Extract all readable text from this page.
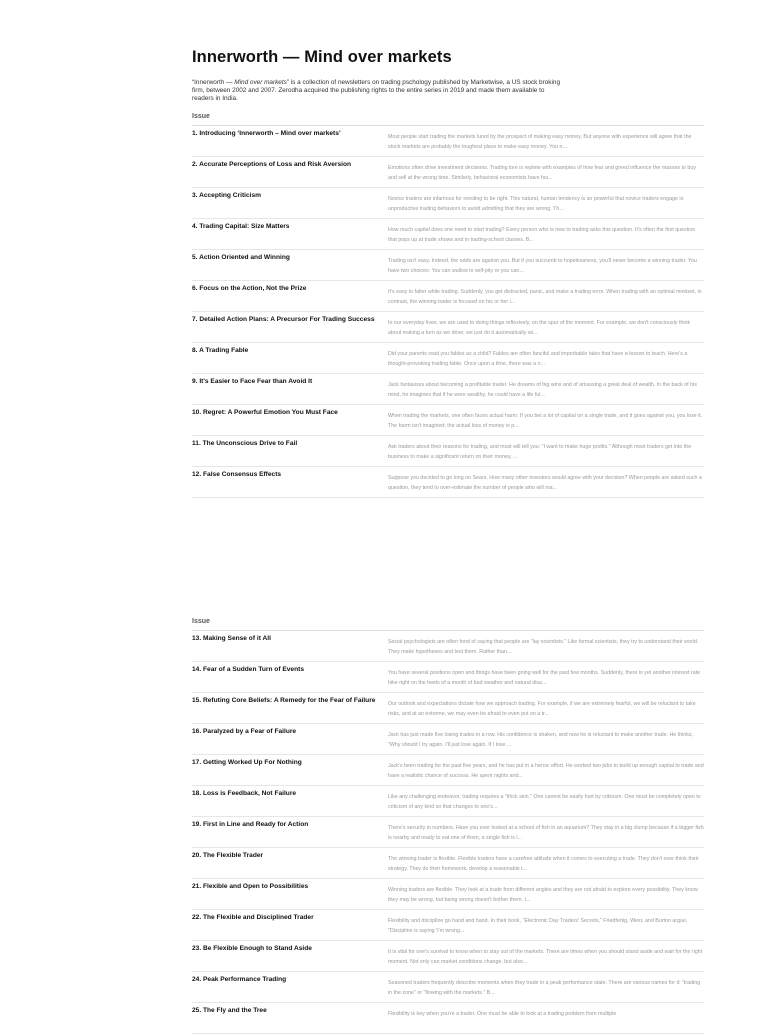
Innerworth — Mind over markets

“Innerworth — Mind over markets” is a collection of newsletters on trading pschology published by Marketwise, a US stock broking firm, between 2002 and 2007. Zerodha acquired the publishing rights to the entire series in 2019 and made them available to readers in India.

Issue
1. Introducing ‘Innerworth – Mind over markets’	Most people start trading the markets lured by the prospect of making easy money. But anyone with experience will agree that the stock markets are probably the toughest place to make easy money. You n...
2. Accurate Perceptions of Loss and Risk Aversion	Emotions often drive investment decisions. Trading lore is replete with examples of how fear and greed influence the masses to buy and sell at the wrong time. Similarly, behavioral economists have fou...
3. Accepting Criticism	Novice traders are infamous for needing to be right. This natural, human tendency is so powerful that novice traders engage in unproductive trading behaviors to avoid admitting that they are wrong. Th...
4. Trading Capital: Size Matters	How much capital does one need to start trading? Every person who is new to trading asks this question. It's often the first question that pops up at trade shows and in trading-school classes. B...
5. Action Oriented and Winning	Trading isn't easy. Indeed, the odds are against you. But if you succumb to hopelessness, you'll never become a winning trader. You have two choices: You can wallow in self-pity or you can...
6. Focus on the Action, Not the Prize	It's easy to falter while trading. Suddenly, you get distracted, panic, and make a trading error. When trading with an optimal mindset, in contrast, the winning trader is focused on his or her i...
7. Detailed Action Plans: A Precursor For Trading Success	In our everyday lives, we are used to doing things reflexively, on the spur of the moment. For example, we don't consciously think about making a turn as we drive; we just do it automatically wi...
8. A Trading Fable	Did your parents read you fables as a child? Fables are often fanciful and improbable tales that have a lesson to teach. Here's a thought-provoking trading fable. Once upon a time, there was a n...
9. It's Easier to Face Fear than Avoid It	Jack fantasizes about becoming a profitable trader. He dreams of big wins and of amassing a great deal of wealth. In the back of his mind, he imagines that if he were wealthy, he could have a life ful...
10. Regret: A Powerful Emotion You Must Face	When trading the markets, one often faces actual harm: If you bet a lot of capital on a single trade, and it goes against you, you lose it. The harm isn't imagined; the actual loss of money is p...
11. The Unconscious Drive to Fail	Ask traders about their reasons for trading, and most will tell you: "I want to make huge profits." Although most traders get into the business to make a significant return on their money, ...
12. False Consensus Effects	Suppose you decided to go long on Sears. How many other investors would agree with your decision? When people are asked such a question, they tend to over-estimate the number of people who will ma...
Issue
13. Making Sense of it All	Social psychologists are often fond of saying that people are "lay scientists." Like formal scientists, they try to understand their world. They make hypotheses and test them. Rather than...
14. Fear of a Sudden Turn of Events	You have several positions open and things have been going well for the past few months. Suddenly, there is yet another interest rate hike right on the heels of a month of bad weather and natural disa...
15. Refuting Core Beliefs: A Remedy for the Fear of Failure	Our outlook and expectations dictate how we approach trading. For example, if we are extremely fearful, we will be reluctant to take risks, and at an extreme, we may even be afraid to even put on a tr...
16. Paralyzed by a Fear of Failure	Jack has just made five losing trades in a row. His confidence is shaken, and now he is reluctant to make another trade. He thinks, "Why should I try again. I'll just lose again. If I lose ...
17. Getting Worked Up For Nothing	Jack's been trading for the past five years, and he has put in a heroic effort. He worked two jobs to build up enough capital to trade and have a realistic chance of success. He spent nights and...
18. Loss is Feedback, Not Failure	Like any challenging endeavor, trading requires a "thick skin." One cannot be easily hurt by criticism. One must be completely open to criticism of any kind so that changes to one's...
19. First in Line and Ready for Action	There's security in numbers. Have you ever looked at a school of fish in an aquarium? They stay in a big clump because if a bigger fish is nearby and ready to eat one of them, a single fish is l...
20. The Flexible Trader	The winning trader is flexible. Flexible traders have a carefree attitude when it comes to executing a trade. They don't over-think their strategy. They do their homework, develop a reasonable t...
21. Flexible and Open to Possibilities	Winning traders are flexible. They look at a trade from different angles and they are not afraid to explore every possibility. They know they may be wrong, but being wrong doesn't bother them. I...
22. The Flexible and Disciplined Trader	Flexibility and discipline go hand and hand. In their book, "Electronic Day Traders' Secrets," Friedfertig, West, and Burton argue, "Discipline is saying 'I'm wrong...
23. Be Flexible Enough to Stand Aside	It is vital for one's survival to know when to stay out of the markets. There are times when you should stand aside and wait for the right moment. Not only can market conditions change, but also...
24. Peak Performance Trading	Seasoned traders frequently describe moments when they trade in a peak performance state. There are various names for it: "trading in the zone" or "flowing with the markets." B...
25. The Fly and the Tree	Flexibility is key when you're a trader. One must be able to look at a trading problem from multiple
